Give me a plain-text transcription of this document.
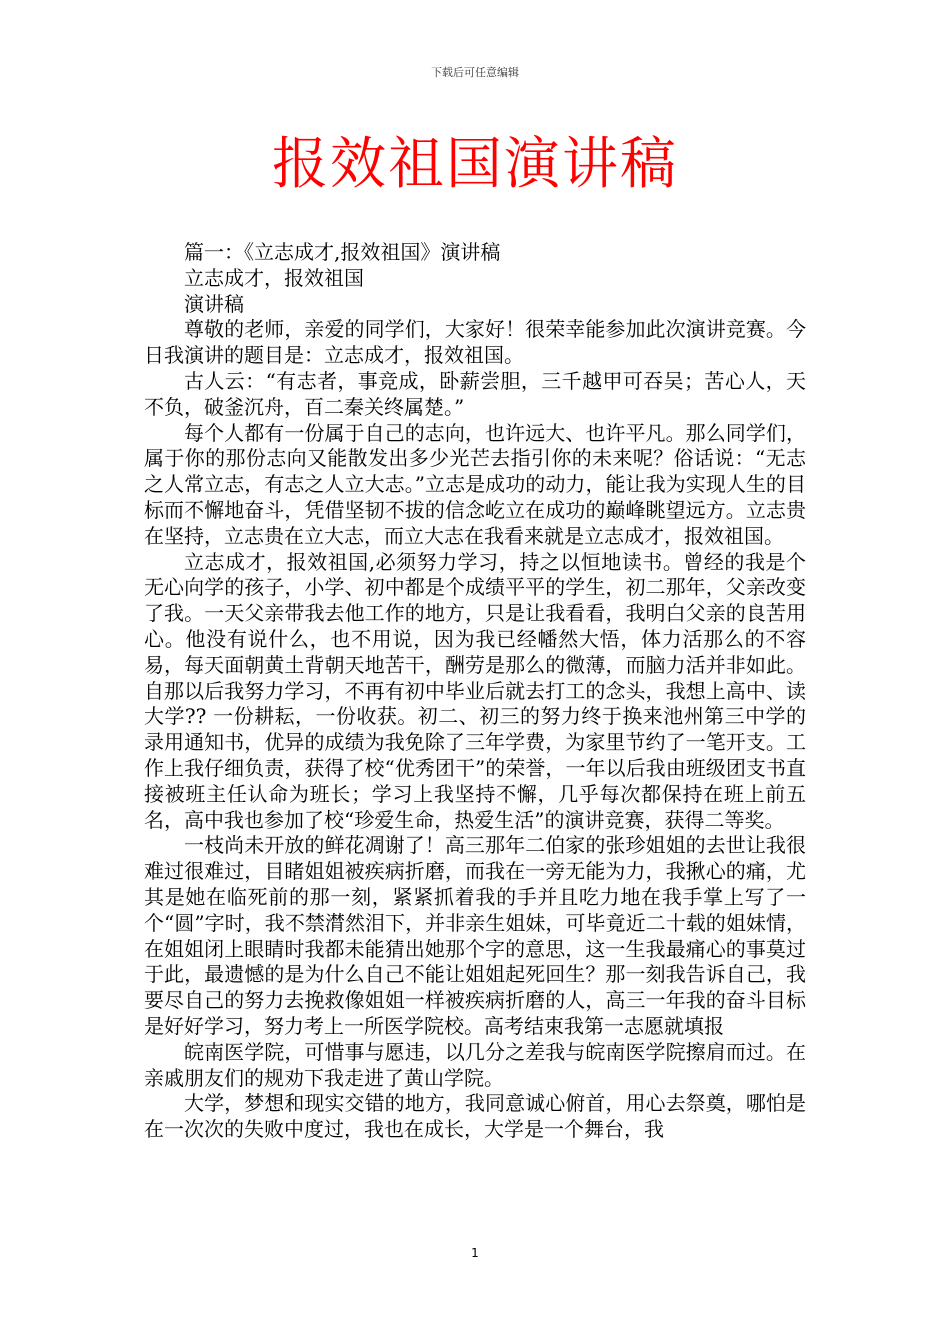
下载后可任意编辑
报效祖国演讲稿

篇一：《立志成才,报效祖国》演讲稿

立志成才，报效祖国

演讲稿

尊敬的老师，亲爱的同学们，大家好！很荣幸能参加此次演讲竞赛。今日我演讲的题目是：立志成才，报效祖国。

古人云：“有志者，事竞成，卧薪尝胆，三千越甲可吞吴；苦心人，天不负，破釜沉舟，百二秦关终属楚。”

每个人都有一份属于自己的志向，也许远大、也许平凡。那么同学们，属于你的那份志向又能散发出多少光芒去指引你的未来呢？俗话说：“无志之人常立志，有志之人立大志。”立志是成功的动力，能让我为实现人生的目标而不懈地奋斗，凭借坚韧不拔的信念屹立在成功的巅峰眺望远方。立志贵在坚持，立志贵在立大志，而立大志在我看来就是立志成才，报效祖国。

立志成才，报效祖国,必须努力学习，持之以恒地读书。曾经的我是个无心向学的孩子，小学、初中都是个成绩平平的学生，初二那年，父亲改变了我。一天父亲带我去他工作的地方，只是让我看看，我明白父亲的良苦用心。他没有说什么，也不用说，因为我已经幡然大悟，体力活那么的不容易，每天面朝黄土背朝天地苦干，酬劳是那么的微薄，而脑力活并非如此。自那以后我努力学习，不再有初中毕业后就去打工的念头，我想上高中、读大学?? 一份耕耘，一份收获。初二、初三的努力终于换来池州第三中学的录用通知书，优异的成绩为我免除了三年学费，为家里节约了一笔开支。工作上我仔细负责，获得了校“优秀团干”的荣誉，一年以后我由班级团支书直接被班主任认命为班长；学习上我坚持不懈，几乎每次都保持在班上前五名，高中我也参加了校“珍爱生命，热爱生活”的演讲竞赛，获得二等奖。

一枝尚未开放的鲜花凋谢了！高三那年二伯家的张珍姐姐的去世让我很难过很难过，目睹姐姐被疾病折磨，而我在一旁无能为力，我揪心的痛，尤其是她在临死前的那一刻，紧紧抓着我的手并且吃力地在我手掌上写了一个“圆”字时，我不禁潸然泪下，并非亲生姐妹，可毕竟近二十载的姐妹情，在姐姐闭上眼睛时我都未能猜出她那个字的意思，这一生我最痛心的事莫过于此，最遗憾的是为什么自己不能让姐姐起死回生？那一刻我告诉自己，我要尽自己的努力去挽救像姐姐一样被疾病折磨的人，高三一年我的奋斗目标是好好学习，努力考上一所医学院校。高考结束我第一志愿就填报

皖南医学院，可惜事与愿违，以几分之差我与皖南医学院擦肩而过。在亲戚朋友们的规劝下我走进了黄山学院。

大学，梦想和现实交错的地方，我同意诚心俯首，用心去祭奠，哪怕是在一次次的失败中度过，我也在成长，大学是一个舞台，我

1
